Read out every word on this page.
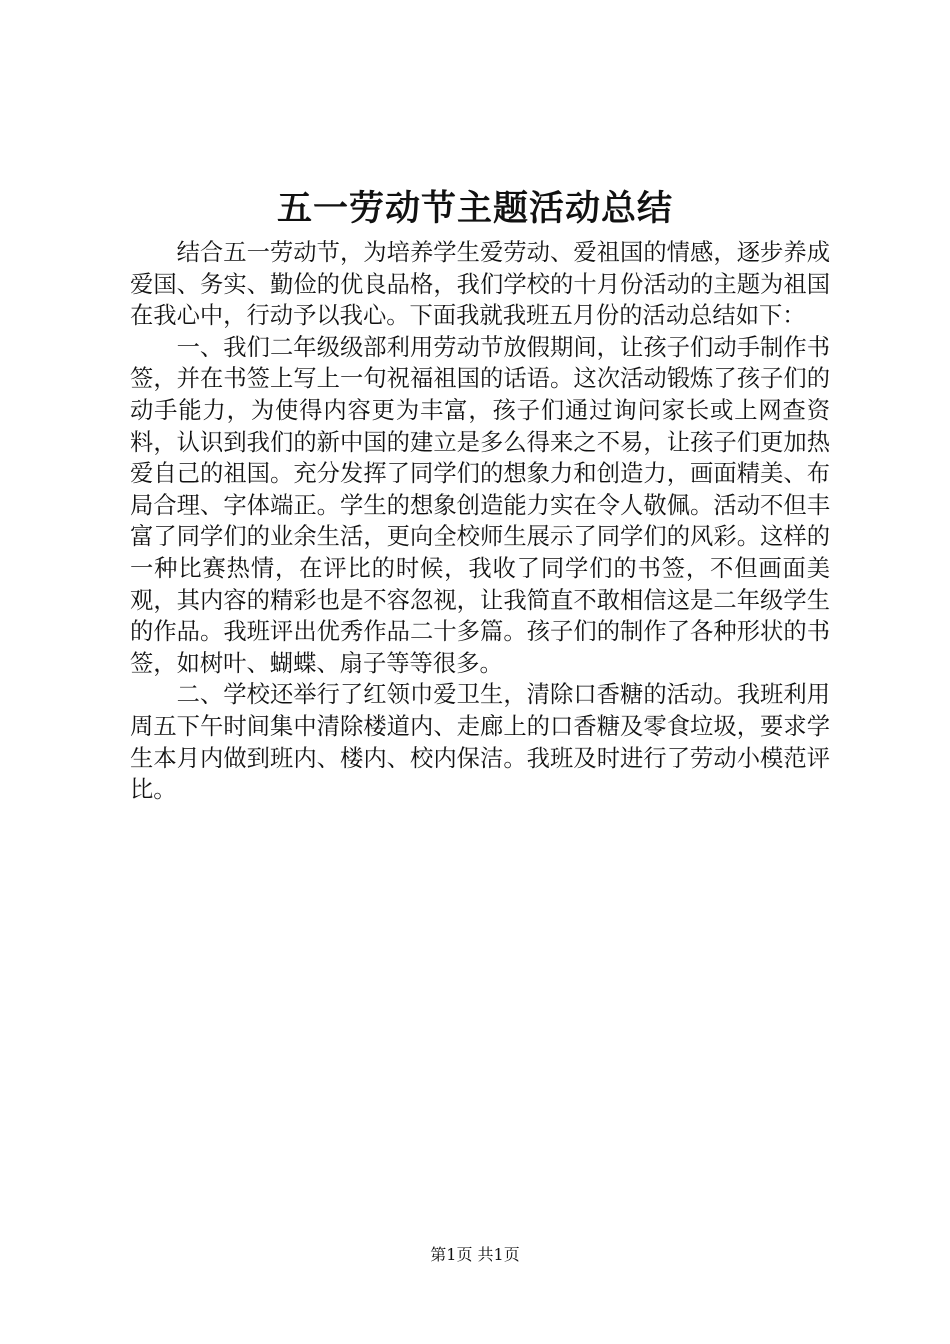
五一劳动节主题活动总结

结合五一劳动节，为培养学生爱劳动、爱祖国的情感，逐步养成爱国、务实、勤俭的优良品格，我们学校的十月份活动的主题为祖国在我心中，行动予以我心。下面我就我班五月份的活动总结如下：

一、我们二年级级部利用劳动节放假期间，让孩子们动手制作书签，并在书签上写上一句祝福祖国的话语。这次活动锻炼了孩子们的动手能力，为使得内容更为丰富，孩子们通过询问家长或上网查资料，认识到我们的新中国的建立是多么得来之不易，让孩子们更加热爱自己的祖国。充分发挥了同学们的想象力和创造力，画面精美、布局合理、字体端正。学生的想象创造能力实在令人敬佩。活动不但丰富了同学们的业余生活，更向全校师生展示了同学们的风彩。这样的一种比赛热情，在评比的时候，我收了同学们的书签，不但画面美观，其内容的精彩也是不容忽视，让我简直不敢相信这是二年级学生的作品。我班评出优秀作品二十多篇。孩子们的制作了各种形状的书签，如树叶、蝴蝶、扇子等等很多。

二、学校还举行了红领巾爱卫生，清除口香糖的活动。我班利用周五下午时间集中清除楼道内、走廊上的口香糖及零食垃圾，要求学生本月内做到班内、楼内、校内保洁。我班及时进行了劳动小模范评比。

第1页 共1页
